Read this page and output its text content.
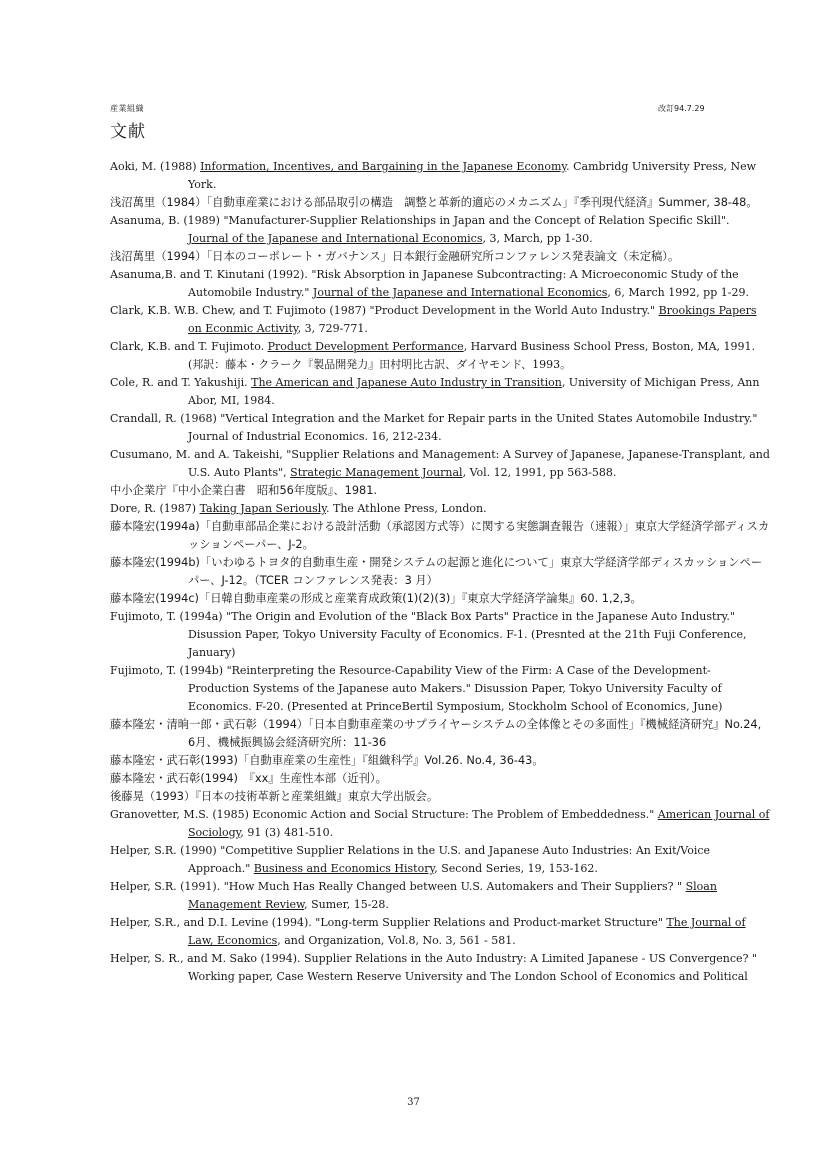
産業組織	改訂94.7.29
文献
Aoki, M. (1988) Information, Incentives, and Bargaining in the Japanese Economy. Cambridg University Press, New York.
浅沼萬里（1984）「自動車産業における部品取引の構造　調整と革新的適応のメカニズム」『季刊現代経済』Summer, 38-48。
Asanuma, B. (1989) "Manufacturer-Supplier Relationships in Japan and the Concept of Relation Specific Skill". Journal of the Japanese and International Economics, 3, March, pp 1-30.
浅沼萬里（1994）「日本のコーポレート・ガバナンス」日本銀行金融研究所コンファレンス発表論文（未定稿）。
Asanuma,B. and T. Kinutani (1992). "Risk Absorption in Japanese Subcontracting: A Microeconomic Study of the Automobile Industry." Journal of the Japanese and International Economics, 6, March 1992, pp 1-29.
Clark, K.B. W.B. Chew, and T. Fujimoto (1987) "Product Development in the World Auto Industry." Brookings Papers on Econmic Activity, 3, 729-771.
Clark, K.B. and T. Fujimoto. Product Development Performance, Harvard Business School Press, Boston, MA, 1991. (邦訳：藤本・クラーク『製品開発力』田村明比古訳、ダイヤモンド、1993。
Cole, R. and T. Yakushiji. The American and Japanese Auto Industry in Transition, University of Michigan Press, Ann Abor, MI, 1984.
Crandall, R. (1968) "Vertical Integration and the Market for Repair parts in the United States Automobile Industry." Journal of Industrial Economics. 16, 212-234.
Cusumano, M. and A. Takeishi, "Supplier Relations and Management: A Survey of Japanese, Japanese-Transplant, and U.S. Auto Plants", Strategic Management Journal, Vol. 12, 1991, pp 563-588.
中小企業庁『中小企業白書　昭和56年度版』、1981.
Dore, R. (1987) Taking Japan Seriously. The Athlone Press, London.
藤本隆宏(1994a)「自動車部品企業における設計活動（承認図方式等）に関する実態調査報告（速報）」東京大学経済学部ディスカッションペーパー、J-2。
藤本隆宏(1994b)「いわゆるトヨタ的自動車生産・開発システムの起源と進化について」東京大学経済学部ディスカッションペーパー、J-12。（TCER コンファレンス発表：3 月）
藤本隆宏(1994c)「日韓自動車産業の形成と産業育成政策(1)(2)(3)」『東京大学経済学論集』60. 1,2,3。
Fujimoto, T. (1994a) "The Origin and Evolution of the "Black Box Parts" Practice in the Japanese Auto Industry." Disussion Paper, Tokyo University Faculty of Economics. F-1. (Presnted at the 21th Fuji Conference, January)
Fujimoto, T. (1994b) "Reinterpreting the Resource-Capability View of the Firm: A Case of the Development-Production Systems of the Japanese auto Makers." Disussion Paper, Tokyo University Faculty of Economics. F-20. (Presented at PrinceBertil Symposium, Stockholm School of Economics, June)
藤本隆宏・清晌一郎・武石彰（1994）「日本自動車産業のサプライヤーシステムの全体像とその多面性」『機械経済研究』No.24, 6月、機械振興協会経済研究所：11-36
藤本隆宏・武石彰(1993)「自動車産業の生産性」『組織科学』Vol.26. No.4, 36-43。
藤本隆宏・武石彰(1994)　『xx』生産性本部（近刊）。
後藤晃（1993）『日本の技術革新と産業組織』東京大学出版会。
Granovetter, M.S. (1985) Economic Action and Social Structure: The Problem of Embeddedness." American Journal of Sociology, 91 (3) 481-510.
Helper, S.R. (1990) "Competitive Supplier Relations in the U.S. and Japanese Auto Industries: An Exit/Voice Approach." Business and Economics History, Second Series, 19, 153-162.
Helper, S.R. (1991). "How Much Has Really Changed between U.S. Automakers and Their Suppliers? " Sloan Management Review, Sumer, 15-28.
Helper, S.R., and D.I. Levine (1994). "Long-term Supplier Relations and Product-market Structure" The Journal of Law, Economics, and Organization, Vol.8, No. 3, 561 - 581.
Helper, S. R., and M. Sako (1994). Supplier Relations in the Auto Industry: A Limited Japanese - US Convergence? " Working paper, Case Western Reserve University and The London School of Economics and Political
37
